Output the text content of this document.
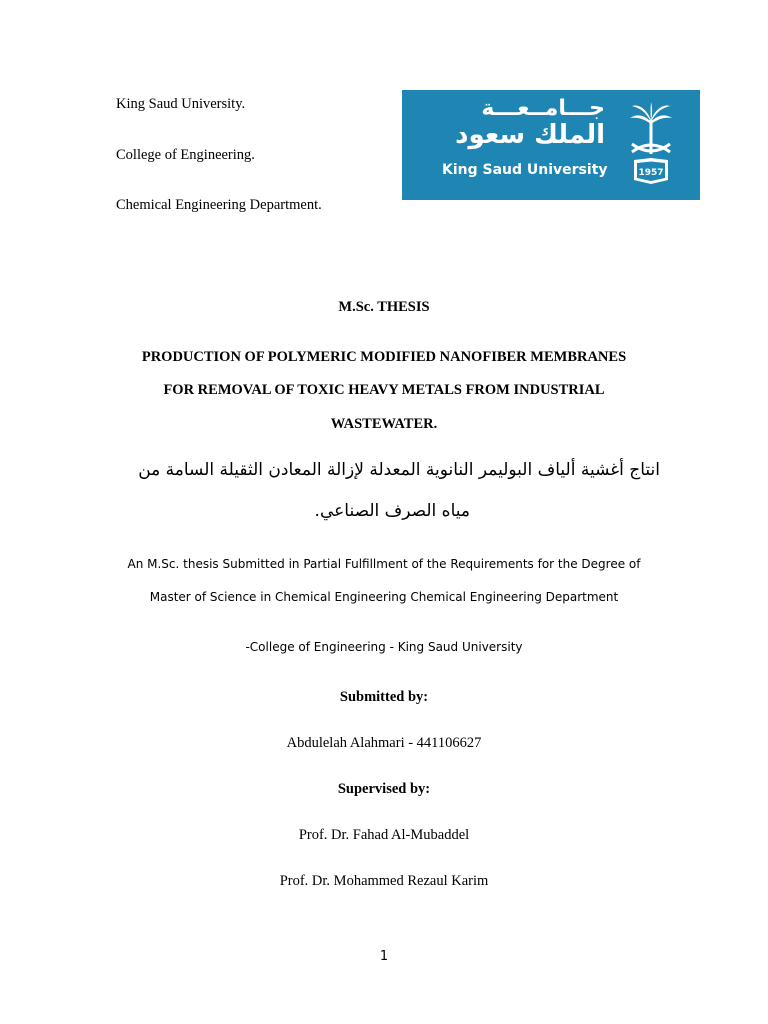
King Saud University.
College of Engineering.
Chemical Engineering Department.
جـــامــعـــة
الملك سعود
King Saud University	1957
M.Sc. THESIS
PRODUCTION OF POLYMERIC MODIFIED NANOFIBER MEMBRANES
FOR REMOVAL OF TOXIC HEAVY METALS FROM INDUSTRIAL
WASTEWATER.
انتاج أغشية ألياف البوليمر النانوية المعدلة لإزالة المعادن الثقيلة السامة من
مياه الصرف الصناعي.
An M.Sc. thesis Submitted in Partial Fulfillment of the Requirements for the Degree of
Master of Science in Chemical Engineering Chemical Engineering Department
-College of Engineering - King Saud University
Submitted by:
Abdulelah Alahmari - 441106627
Supervised by:
Prof. Dr. Fahad Al-Mubaddel
Prof. Dr. Mohammed Rezaul Karim
1
